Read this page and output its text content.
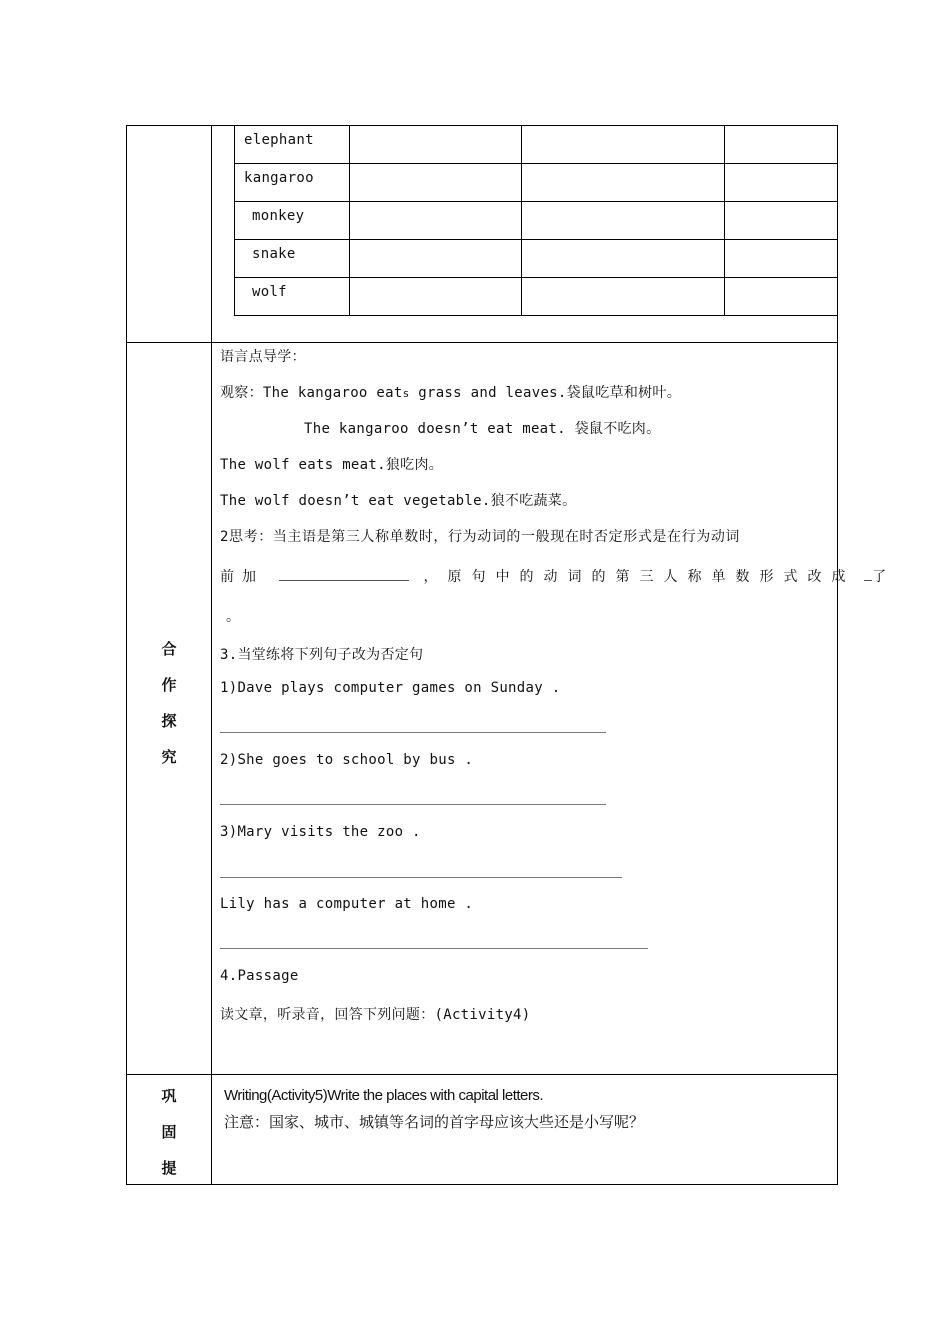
elephant			

kangaroo			

monkey			

snake			

wolf			

合
作
探
究
语言点导学：
观察：The kangaroo eats grass and leaves.袋鼠吃草和树叶。
The kangaroo doesn’t eat meat. 袋鼠不吃肉。
The wolf eats meat.狼吃肉。
The wolf doesn’t eat vegetable.狼不吃蔬菜。
2思考：当主语是第三人称单数时，行为动词的一般现在时否定形式是在行为动词
前加	，原句中的动词的第三人称单数形式改成 了
。
3.当堂练将下列句子改为否定句
1)Dave plays computer games on Sunday .
2)She goes to school by bus .
3)Mary visits the zoo .
Lily has a computer at home .
4.Passage
读文章，听录音，回答下列问题：(Activity4)
巩
固
提
Writing(Activity5)Write the places with capital letters.
注意：国家、城市、城镇等名词的首字母应该大些还是小写呢？
